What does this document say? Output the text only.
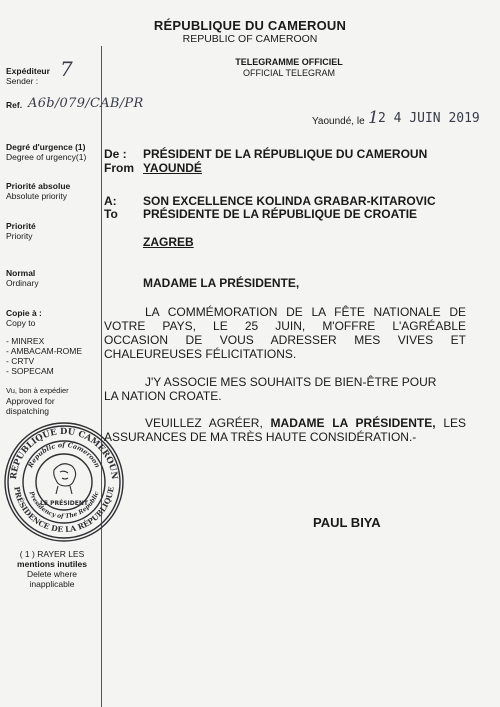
RÉPUBLIQUE DU CAMEROUN
REPUBLIC OF CAMEROON
TELEGRAMME OFFICIEL
OFFICIAL TELEGRAM
Expéditeur
Sender :	7
Ref. A6b/079/CAB/PR
Degré d'urgence (1)
Degree of urgency(1)
Priorité absolue
Absolute priority
Priorité
Priority
Normal
Ordinary
Copie à :
Copy to
- MINREX
- AMBACAM-ROME
- CRTV
- SOPECAM
Vu, bon à expédier
Approved for
dispatching
RÉPUBLIQUE DU CAMEROUN
PRÉSIDENCE DE LA RÉPUBLIQUE
Republic of Cameroon
Presidency of The Republic
LE PRÉSIDENT
( 1 ) RAYER LES
mentions inutiles
Delete where
inapplicable
Yaoundé, le 1 2 4 JUIN 2019
De :
From
PRÉSIDENT DE LA RÉPUBLIQUE DU CAMEROUN
YAOUNDÉ
A:
To
SON EXCELLENCE KOLINDA GRABAR-KITAROVIC
PRÉSIDENTE DE LA RÉPUBLIQUE DE CROATIE
ZAGREB
MADAME LA PRÉSIDENTE,
LA COMMÉMORATION DE LA FÊTE NATIONALE DE
VOTRE PAYS, LE 25 JUIN, M'OFFRE L'AGRÉABLE
OCCASION DE VOUS ADRESSER MES VIVES ET
CHALEUREUSES FÉLICITATIONS.
J'Y ASSOCIE MES SOUHAITS DE BIEN-ÊTRE POUR
LA NATION CROATE.
VEUILLEZ AGRÉER, MADAME LA PRÉSIDENTE, LES
ASSURANCES DE MA TRÈS HAUTE CONSIDÉRATION.-
PAUL BIYA
